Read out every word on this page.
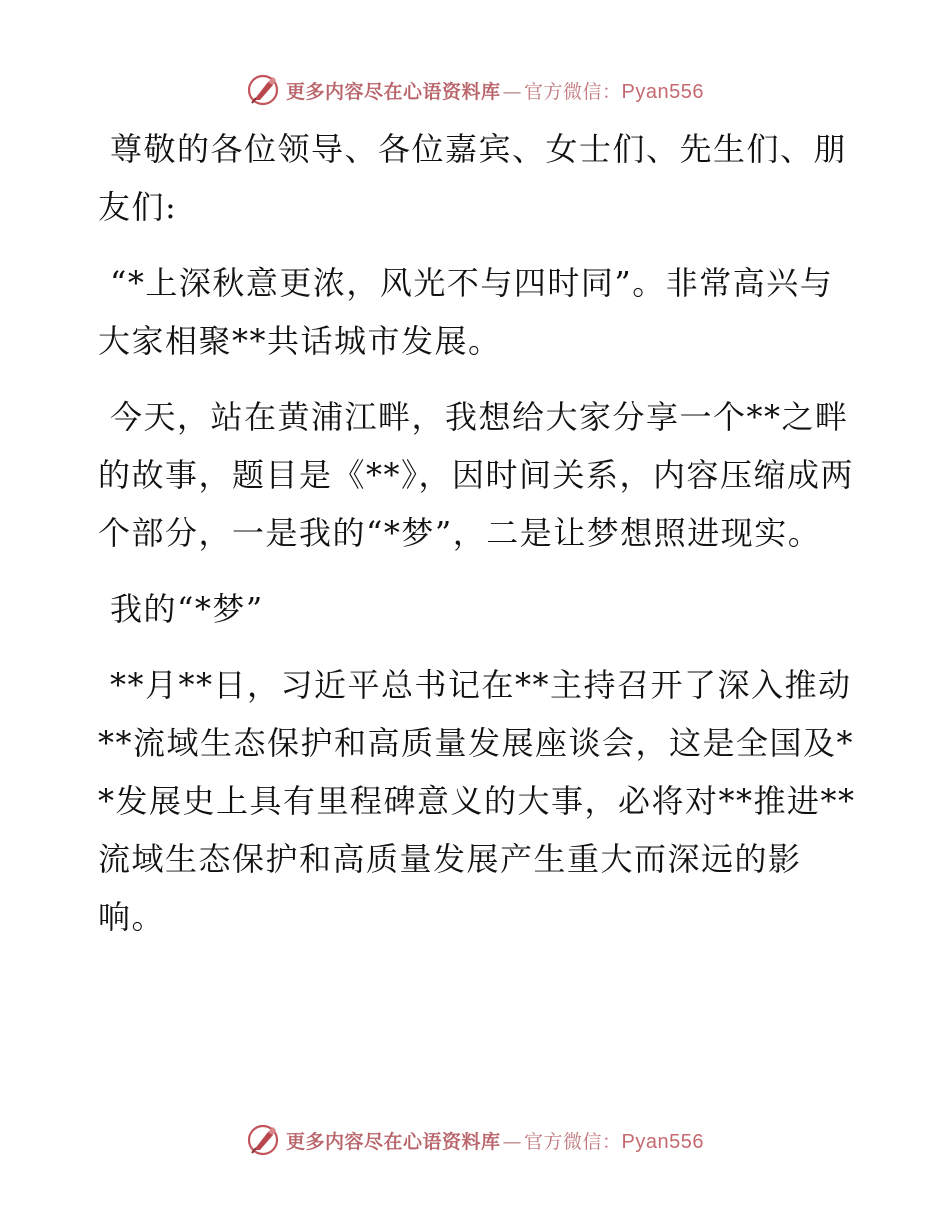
更多内容尽在心语资料库 — 官方微信： Pyan556

尊敬的各位领导、各位嘉宾、女士们、先生们、朋友们:

“*上深秋意更浓，风光不与四时同”。非常高兴与大家相聚**共话城市发展。

今天，站在黄浦江畔，我想给大家分享一个**之畔的故事，题目是《**》，因时间关系，内容压缩成两个部分，一是我的“*梦”，二是让梦想照进现实。

我的“*梦”

**月**日，习近平总书记在**主持召开了深入推动**流域生态保护和高质量发展座谈会，这是全国及**发展史上具有里程碑意义的大事，必将对**推进**流域生态保护和高质量发展产生重大而深远的影响。

更多内容尽在心语资料库 — 官方微信： Pyan556
